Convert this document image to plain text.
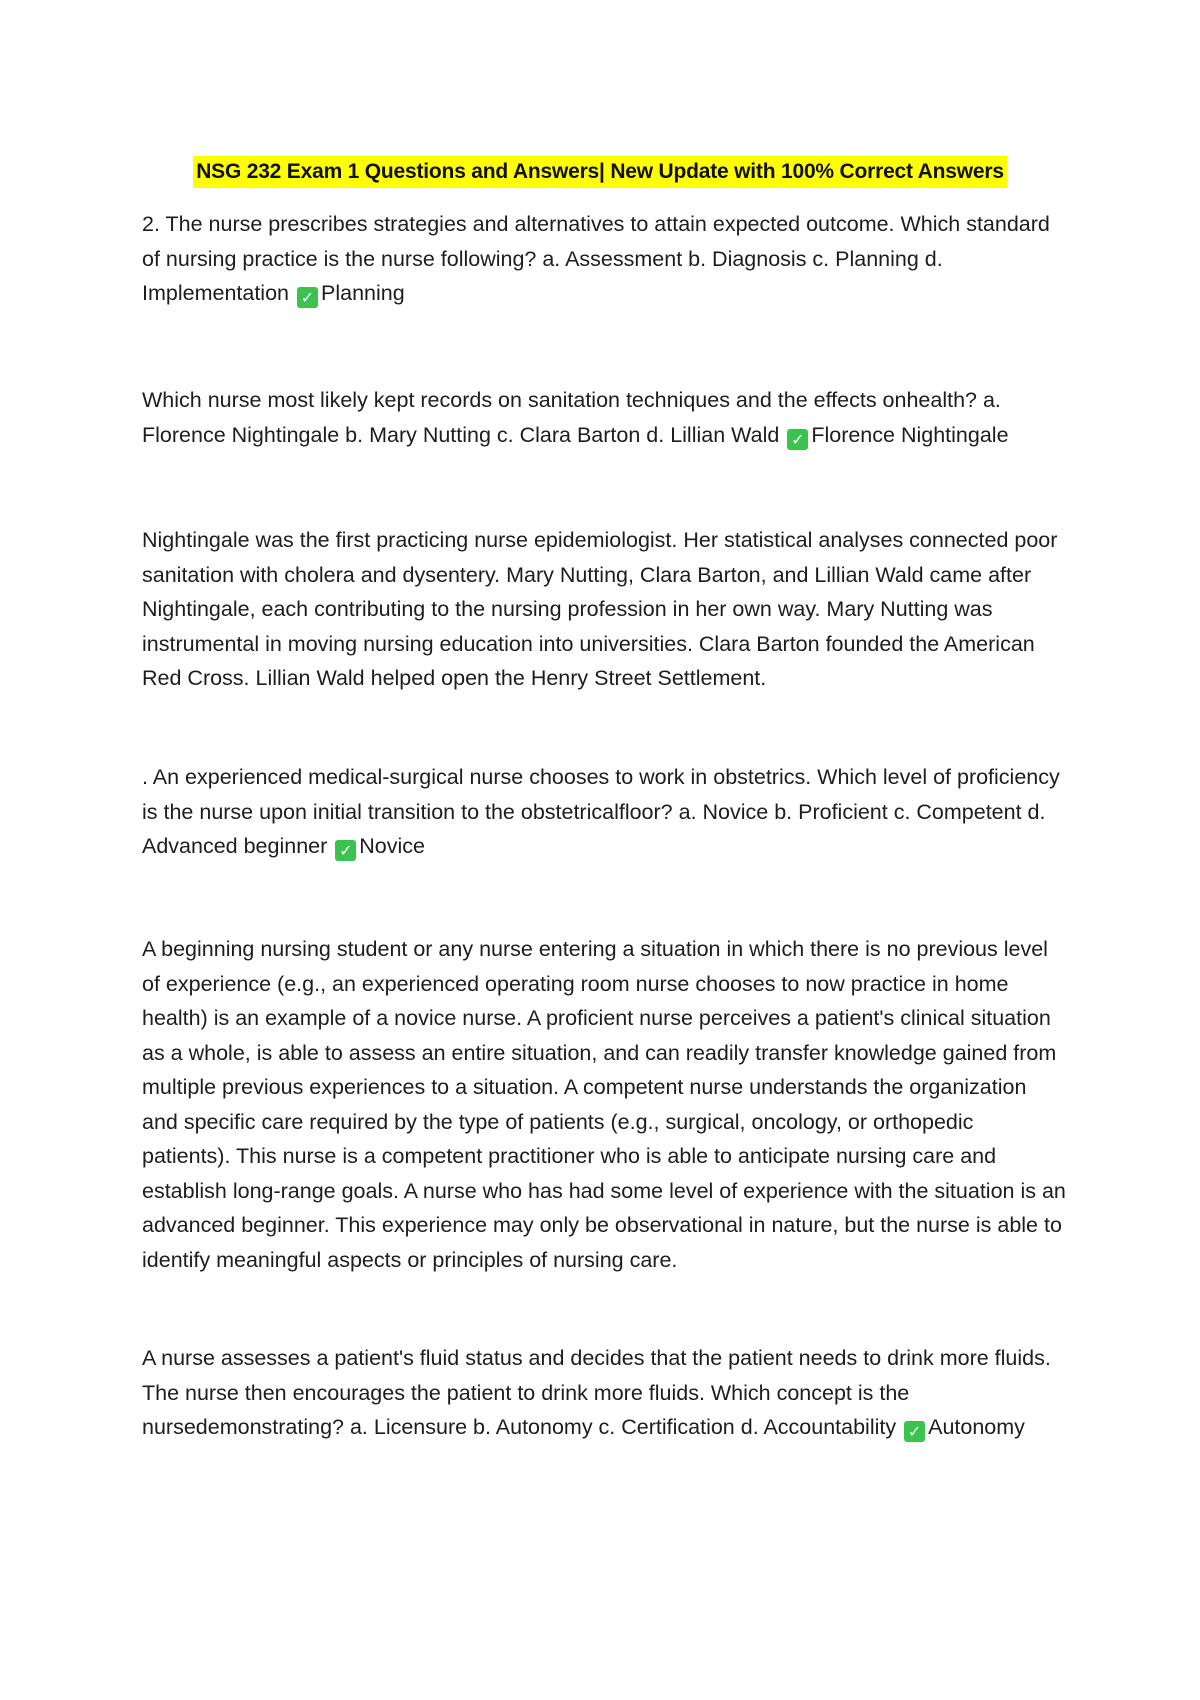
NSG 232 Exam 1 Questions and Answers| New Update with 100% Correct Answers

2. The nurse prescribes strategies and alternatives to attain expected outcome. Which standard of nursing practice is the nurse following? a. Assessment b. Diagnosis c. Planning d. Implementation ✓ Planning

Which nurse most likely kept records on sanitation techniques and the effects onhealth? a. Florence Nightingale b. Mary Nutting c. Clara Barton d. Lillian Wald ✓ Florence Nightingale

Nightingale was the first practicing nurse epidemiologist. Her statistical analyses connected poor sanitation with cholera and dysentery. Mary Nutting, Clara Barton, and Lillian Wald came after Nightingale, each contributing to the nursing profession in her own way. Mary Nutting was instrumental in moving nursing education into universities. Clara Barton founded the American Red Cross. Lillian Wald helped open the Henry Street Settlement.

. An experienced medical-surgical nurse chooses to work in obstetrics. Which level of proficiency is the nurse upon initial transition to the obstetricalfloor? a. Novice b. Proficient c. Competent d. Advanced beginner ✓ Novice

A beginning nursing student or any nurse entering a situation in which there is no previous level of experience (e.g., an experienced operating room nurse chooses to now practice in home health) is an example of a novice nurse. A proficient nurse perceives a patient's clinical situation as a whole, is able to assess an entire situation, and can readily transfer knowledge gained from multiple previous experiences to a situation. A competent nurse understands the organization and specific care required by the type of patients (e.g., surgical, oncology, or orthopedic patients). This nurse is a competent practitioner who is able to anticipate nursing care and establish long-range goals. A nurse who has had some level of experience with the situation is an advanced beginner. This experience may only be observational in nature, but the nurse is able to identify meaningful aspects or principles of nursing care.

A nurse assesses a patient's fluid status and decides that the patient needs to drink more fluids. The nurse then encourages the patient to drink more fluids. Which concept is the nursedemonstrating? a. Licensure b. Autonomy c. Certification d. Accountability ✓ Autonomy
